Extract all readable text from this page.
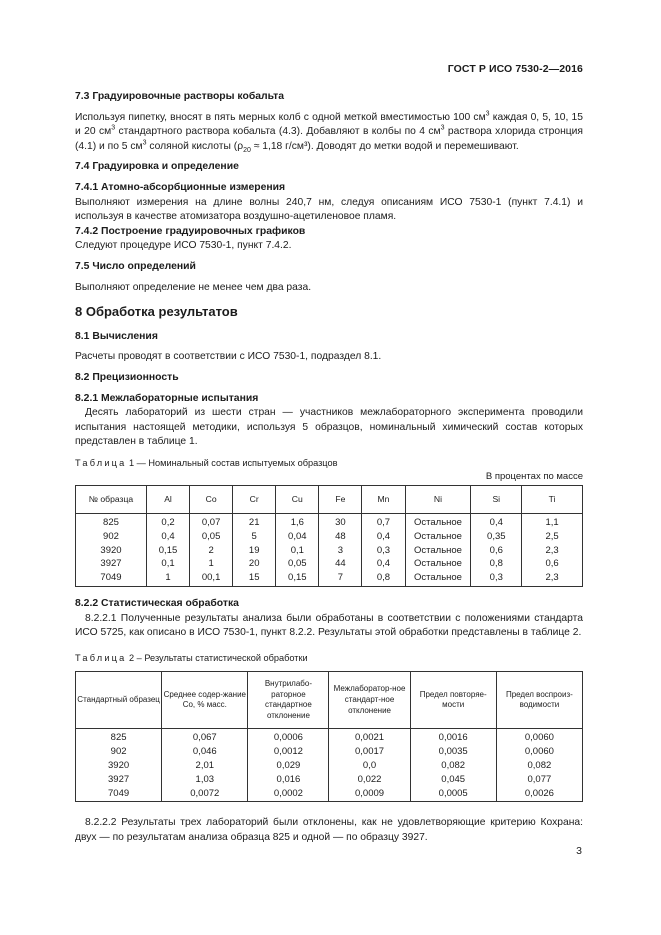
ГОСТ Р ИСО 7530-2—2016
7.3 Градуировочные растворы кобальта

Используя пипетку, вносят в пять мерных колб с одной меткой вместимостью 100 $см^3$ каждая 0, 5, 10, 15 и 20 $см^3$ стандартного раствора кобальта (4.3). Добавляют в колбы по 4 $см^3$ раствора хлорида стронция (4.1) и по 5 $см^3$ соляной кислоты ($\rho_{20} \approx 1,18$ г/см³). Доводят до метки водой и перемешивают.

7.4 Градуировка и определение
7.4.1 Атомно-абсорбционные измерения

Выполняют измерения на длине волны 240,7 нм, следуя описаниям ИСО 7530-1 (пункт 7.4.1) и используя в качестве атомизатора воздушно-ацетиленовое пламя.

7.4.2 Построение градуировочных графиков

Следуют процедуре ИСО 7530-1, пункт 7.4.2.

7.5 Число определений

Выполняют определение не менее чем два раза.

8 Обработка результатов
8.1 Вычисления

Расчеты проводят в соответствии с ИСО 7530-1, подраздел 8.1.

8.2 Прецизионность
8.2.1 Межлабораторные испытания

Десять лабораторий из шести стран — участников межлабораторного эксперимента проводили испытания настоящей методики, используя 5 образцов, номинальный химический состав которых представлен в таблице 1.

Таблица 1 — Номинальный состав испытуемых образцов
В процентах по массе
№ образца	Al	Co	Cr	Cu	Fe	Mn	Ni	Si	Ti
825	0,2	0,07	21	1,6	30	0,7	Остальное	0,4	1,1
902	0,4	0,05	5	0,04	48	0,4	Остальное	0,35	2,5
3920	0,15	2	19	0,1	3	0,3	Остальное	0,6	2,3
3927	0,1	1	20	0,05	44	0,4	Остальное	0,8	0,6
7049	1	00,1	15	0,15	7	0,8	Остальное	0,3	2,3
8.2.2 Статистическая обработка

8.2.2.1 Полученные результаты анализа были обработаны в соответствии с положениями стандарта ИСО 5725, как описано в ИСО 7530-1, пункт 8.2.2. Результаты этой обработки представлены в таблице 2.

Таблица 2 – Результаты статистической обработки
Стандартный образец	Среднее содер-жание Co, % масс.	Внутрилабо-раторное стандартное отклонение	Межлаборатор-ное стандарт-ное отклонение	Предел повторяе-мости	Предел воспроиз-водимости
825	0,067	0,0006	0,0021	0,0016	0,0060
902	0,046	0,0012	0,0017	0,0035	0,0060
3920	2,01	0,029	0,0	0,082	0,082
3927	1,03	0,016	0,022	0,045	0,077
7049	0,0072	0,0002	0,0009	0,0005	0,0026

8.2.2.2 Результаты трех лабораторий были отклонены, как не удовлетворяющие критерию Кохрана: двух — по результатам анализа образца 825 и одной — по образцу 3927.

3
